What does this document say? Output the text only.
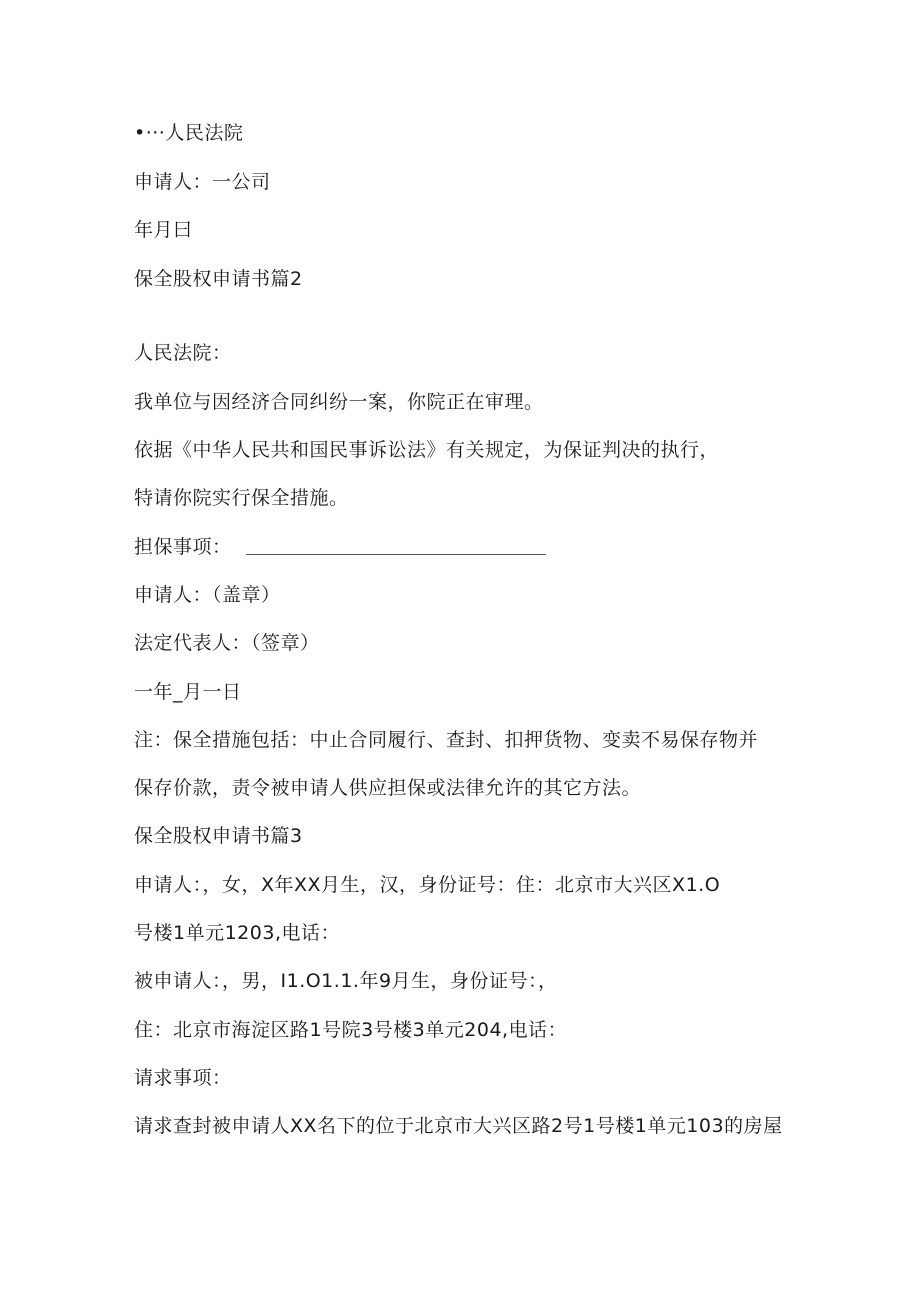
•···人民法院
申请人：一公司
年月曰
保全股权申请书篇2
人民法院：
我单位与因经济合同纠纷一案，你院正在审理。
依据《中华人民共和国民事诉讼法》有关规定，为保证判决的执行，
特请你院实行保全措施。
担保事项：
申请人：（盖章）
法定代表人：（签章）
一年_月一日
注：保全措施包括：中止合同履行、查封、扣押货物、变卖不易保存物并
保存价款，责令被申请人供应担保或法律允许的其它方法。
保全股权申请书篇3
申请人：，女，X年XX月生，汉，身份证号：住：北京市大兴区X1.O
号楼1单元1203,电话：
被申请人：，男，I1.O1.1.年9月生，身份证号：，
住：北京市海淀区路1号院3号楼3单元204,电话：
请求事项：
请求查封被申请人XX名下的位于北京市大兴区路2号1号楼1单元103的房屋
